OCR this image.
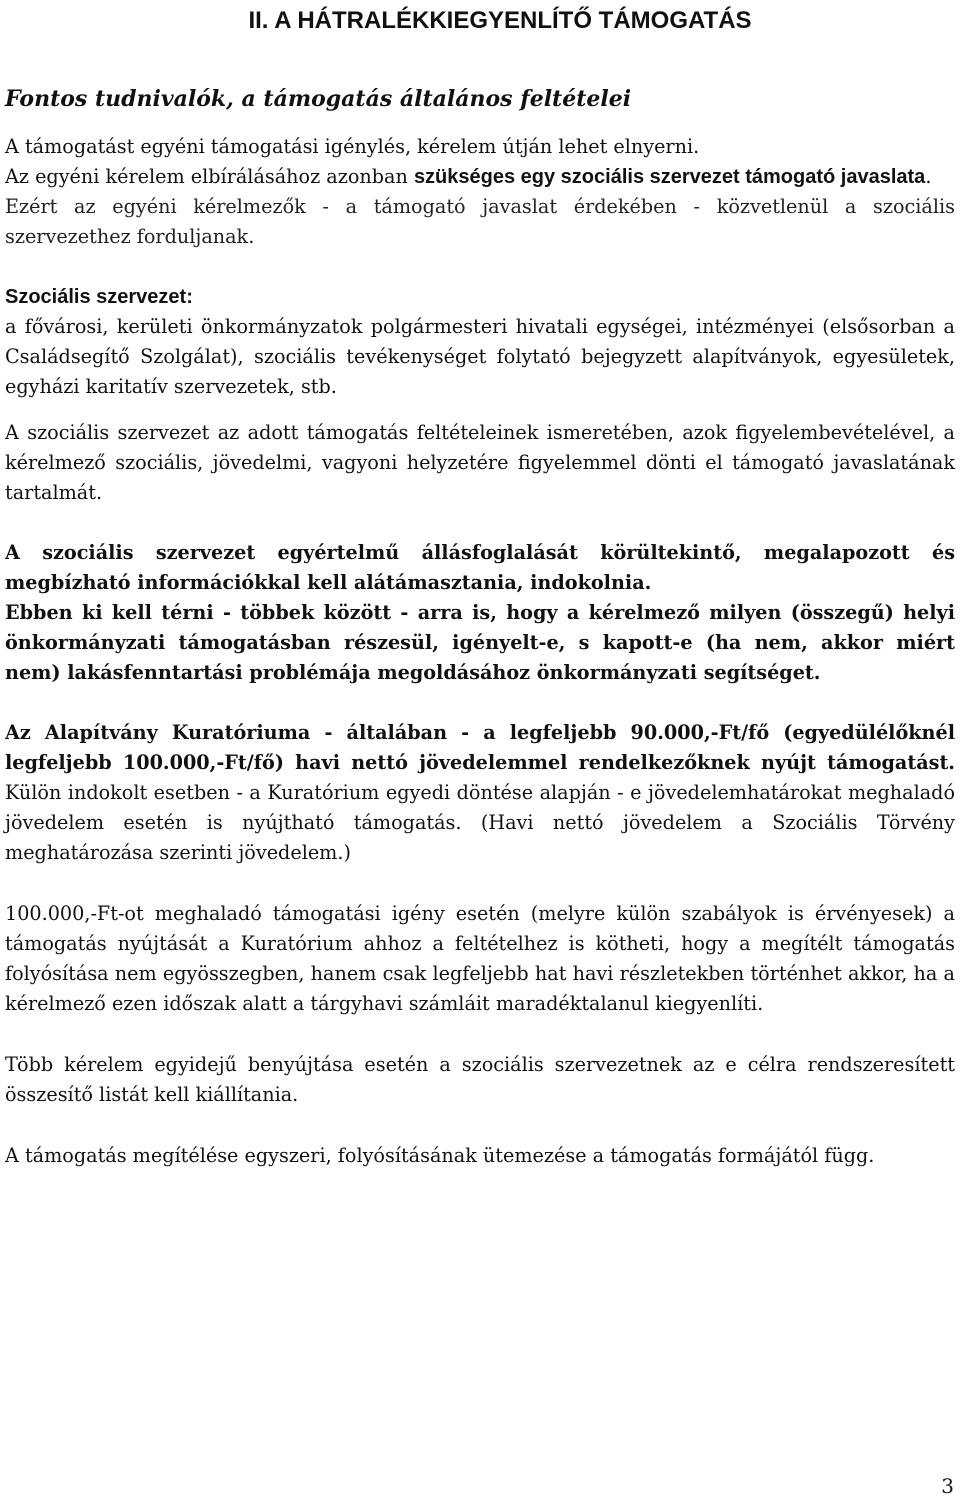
II. A HÁTRALÉKKIEGYENLÍTŐ TÁMOGATÁS
Fontos tudnivalók, a támogatás általános feltételei

A támogatást egyéni támogatási igénylés, kérelem útján lehet elnyerni.

Az egyéni kérelem elbírálásához azonban szükséges egy szociális szervezet támogató javaslata.

Ezért az egyéni kérelmezők - a támogató javaslat érdekében - közvetlenül a szociális szervezethez forduljanak.

Szociális szervezet:
a fővárosi, kerületi önkormányzatok polgármesteri hivatali egységei, intézményei (elsősorban a Családsegítő Szolgálat), szociális tevékenységet folytató bejegyzett alapítványok, egyesületek, egyházi karitatív szervezetek, stb.

A szociális szervezet az adott támogatás feltételeinek ismeretében, azok figyelembevételével, a kérelmező szociális, jövedelmi, vagyoni helyzetére figyelemmel dönti el támogató javaslatának tartalmát.

A szociális szervezet egyértelmű állásfoglalását körültekintő, megalapozott és megbízható információkkal kell alátámasztania, indokolnia.

Ebben ki kell térni - többek között - arra is, hogy a kérelmező milyen (összegű) helyi önkormányzati támogatásban részesül, igényelt-e, s kapott-e (ha nem, akkor miért nem) lakásfenntartási problémája megoldásához önkormányzati segítséget.

Az Alapítvány Kuratóriuma - általában - a legfeljebb 90.000,-Ft/fő (egyedülélőknél legfeljebb 100.000,-Ft/fő) havi nettó jövedelemmel rendelkezőknek nyújt támogatást. Külön indokolt esetben - a Kuratórium egyedi döntése alapján - e jövedelemhatárokat meghaladó jövedelem esetén is nyújtható támogatás. (Havi nettó jövedelem a Szociális Törvény meghatározása szerinti jövedelem.)

100.000,-Ft-ot meghaladó támogatási igény esetén (melyre külön szabályok is érvényesek) a támogatás nyújtását a Kuratórium ahhoz a feltételhez is kötheti, hogy a megítélt támogatás folyósítása nem egyösszegben, hanem csak legfeljebb hat havi részletekben történhet akkor, ha a kérelmező ezen időszak alatt a tárgyhavi számláit maradéktalanul kiegyenlíti.

Több kérelem egyidejű benyújtása esetén a szociális szervezetnek az e célra rendszeresített összesítő listát kell kiállítania.

A támogatás megítélése egyszeri, folyósításának ütemezése a támogatás formájától függ.

3
